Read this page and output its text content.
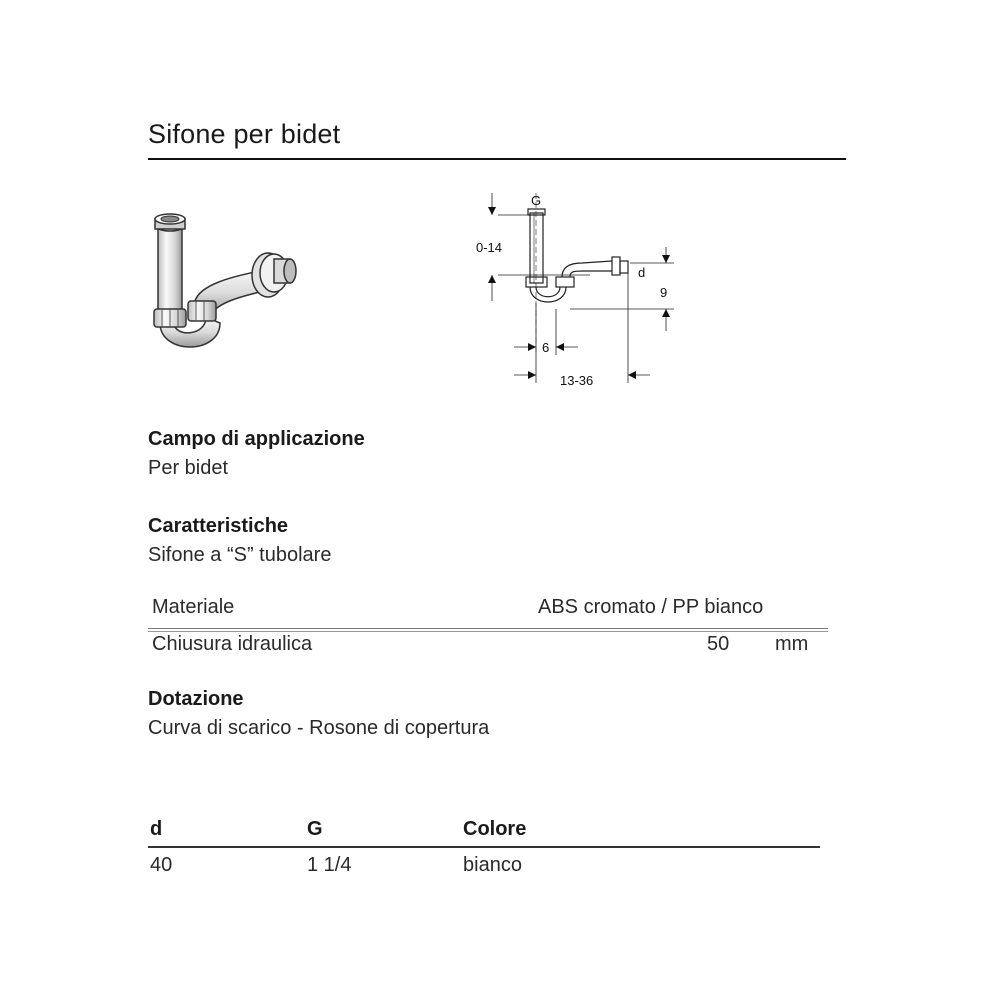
Sifone per bidet
G
0-14
d
9
6
13-36
Campo di applicazione
Per bidet
Caratteristiche
Sifone a “S” tubolare
Materiale	ABS cromato / PP bianco
Chiusura idraulica	50 mm
Dotazione
Curva di scarico - Rosone di copertura
d	G	Colore
40	1 1/4	bianco
